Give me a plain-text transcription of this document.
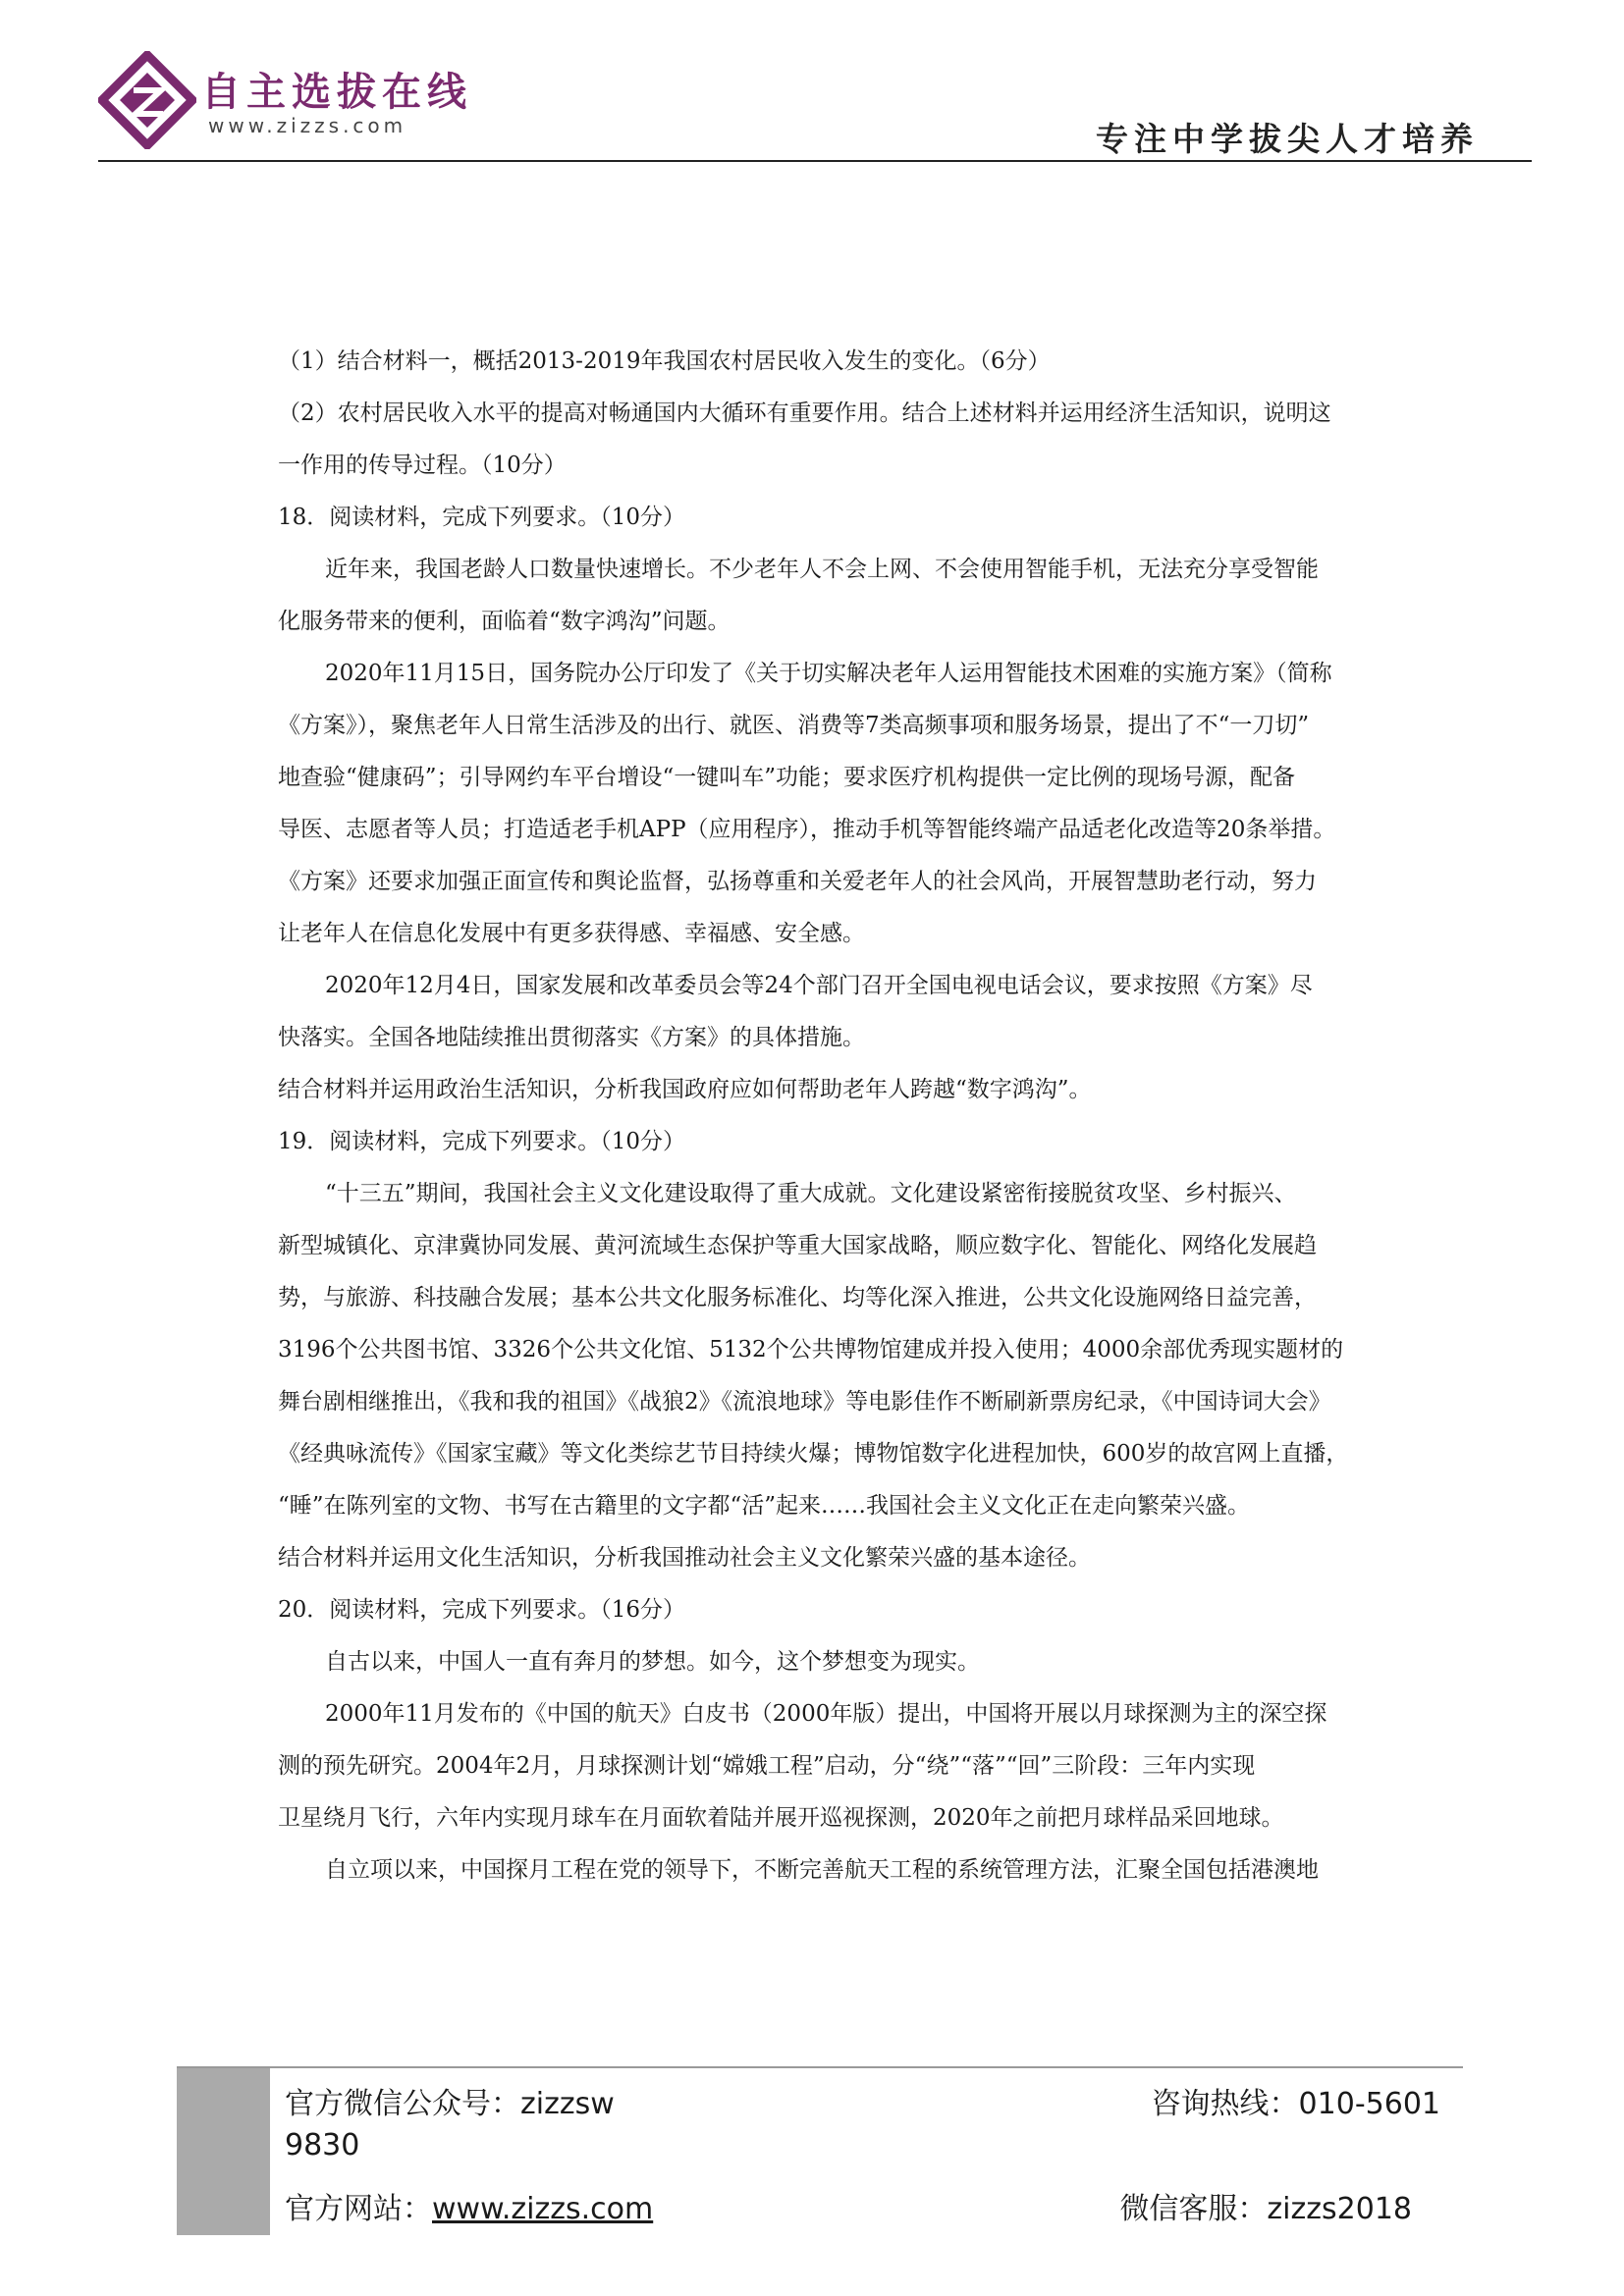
自主选拔在线
www.zizzs.com	专注中学拔尖人才培养
（1）结合材料一，概括2013-2019年我国农村居民收入发生的变化。（6分）
（2）农村居民收入水平的提高对畅通国内大循环有重要作用。结合上述材料并运用经济生活知识，说明这
一作用的传导过程。（10分）
18．阅读材料，完成下列要求。（10分）
近年来，我国老龄人口数量快速增长。不少老年人不会上网、不会使用智能手机，无法充分享受智能
化服务带来的便利，面临着“数字鸿沟”问题。
2020年11月15日，国务院办公厅印发了《关于切实解决老年人运用智能技术困难的实施方案》（简称
《方案》），聚焦老年人日常生活涉及的出行、就医、消费等7类高频事项和服务场景，提出了不“一刀切”
地查验“健康码”；引导网约车平台增设“一键叫车”功能；要求医疗机构提供一定比例的现场号源，配备
导医、志愿者等人员；打造适老手机APP（应用程序），推动手机等智能终端产品适老化改造等20条举措。
《方案》还要求加强正面宣传和舆论监督，弘扬尊重和关爱老年人的社会风尚，开展智慧助老行动，努力
让老年人在信息化发展中有更多获得感、幸福感、安全感。
2020年12月4日，国家发展和改革委员会等24个部门召开全国电视电话会议，要求按照《方案》尽
快落实。全国各地陆续推出贯彻落实《方案》的具体措施。
结合材料并运用政治生活知识，分析我国政府应如何帮助老年人跨越“数字鸿沟”。
19．阅读材料，完成下列要求。（10分）
“十三五”期间，我国社会主义文化建设取得了重大成就。文化建设紧密衔接脱贫攻坚、乡村振兴、
新型城镇化、京津冀协同发展、黄河流域生态保护等重大国家战略，顺应数字化、智能化、网络化发展趋
势，与旅游、科技融合发展；基本公共文化服务标准化、均等化深入推进，公共文化设施网络日益完善，
3196个公共图书馆、3326个公共文化馆、5132个公共博物馆建成并投入使用；4000余部优秀现实题材的
舞台剧相继推出，《我和我的祖国》《战狼2》《流浪地球》等电影佳作不断刷新票房纪录，《中国诗词大会》
《经典咏流传》《国家宝藏》等文化类综艺节目持续火爆；博物馆数字化进程加快，600岁的故宫网上直播，
“睡”在陈列室的文物、书写在古籍里的文字都“活”起来……我国社会主义文化正在走向繁荣兴盛。
结合材料并运用文化生活知识，分析我国推动社会主义文化繁荣兴盛的基本途径。
20．阅读材料，完成下列要求。（16分）
自古以来，中国人一直有奔月的梦想。如今，这个梦想变为现实。
2000年11月发布的《中国的航天》白皮书（2000年版）提出，中国将开展以月球探测为主的深空探
测的预先研究。2004年2月，月球探测计划“嫦娥工程”启动，分“绕”“落”“回”三阶段：三年内实现
卫星绕月飞行，六年内实现月球车在月面软着陆并展开巡视探测，2020年之前把月球样品采回地球。
自立项以来，中国探月工程在党的领导下，不断完善航天工程的系统管理方法，汇聚全国包括港澳地
官方微信公众号：zizzsw
9830
咨询热线：010-5601
官方网站：www.zizzs.com	微信客服：zizzs2018
